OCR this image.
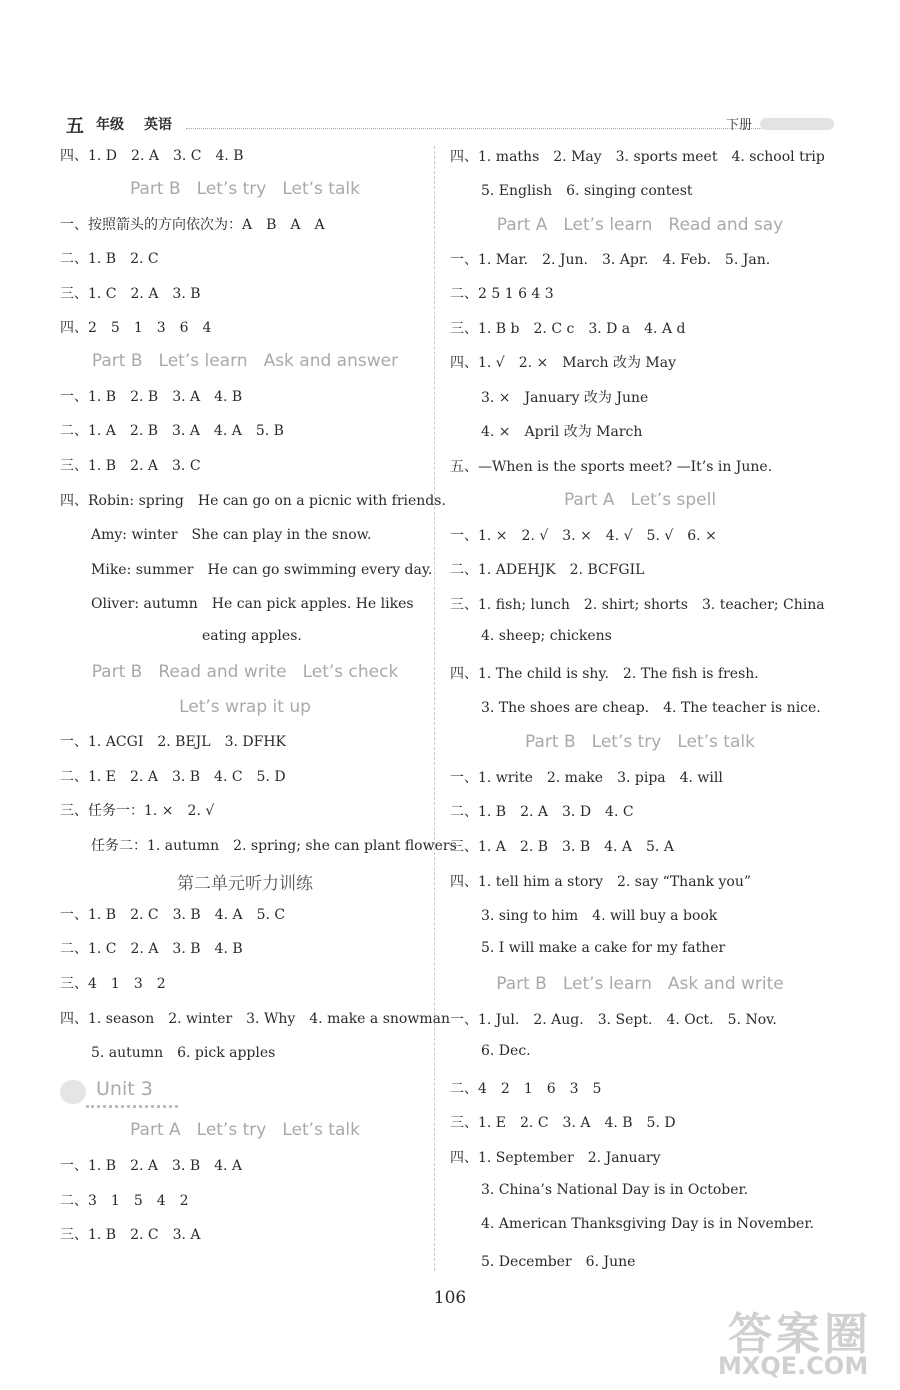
五 年级 英语	下册
四、1. D　2. A　3. C　4. B
Part B Let’s try Let’s talk
一、按照箭头的方向依次为：A　B　A　A
二、1. B　2. C
三、1. C　2. A　3. B
四、2　5　1　3　6　4
Part B Let’s learn Ask and answer
一、1. B　2. B　3. A　4. B
二、1. A　2. B　3. A　4. A　5. B
三、1. B　2. A　3. C
四、Robin: spring　He can go on a picnic with friends.
Amy: winter　She can play in the snow.
Mike: summer　He can go swimming every day.
Oliver: autumn　He can pick apples. He likes
eating apples.
Part B Read and write Let’s check
Let’s wrap it up
一、1. ACGI　2. BEJL　3. DFHK
二、1. E　2. A　3. B　4. C　5. D
三、任务一：1. ×　2. √
任务二：1. autumn　2. spring; she can plant flowers
第二单元听力训练
一、1. B　2. C　3. B　4. A　5. C
二、1. C　2. A　3. B　4. B
三、4　1　3　2
四、1. season　2. winter　3. Why　4. make a snowman
5. autumn　6. pick apples
Unit 3
Part A Let’s try Let’s talk
一、1. B　2. A　3. B　4. A
二、3　1　5　4　2
三、1. B　2. C　3. A
四、1. maths　2. May　3. sports meet　4. school trip
5. English　6. singing contest
Part A Let’s learn Read and say
一、1. Mar.　2. Jun.　3. Apr.　4. Feb.　5. Jan.
二、2 5 1 6 4 3
三、1. B b　2. C c　3. D a　4. A d
四、1. √　2. ×　March 改为 May
3. ×　January 改为 June
4. ×　April 改为 March
五、—When is the sports meet? —It’s in June.
Part A Let’s spell
一、1. ×　2. √　3. ×　4. √　5. √　6. ×
二、1. ADEHJK　2. BCFGIL
三、1. fish; lunch　2. shirt; shorts　3. teacher; China
4. sheep; chickens
四、1. The child is shy.　2. The fish is fresh.
3. The shoes are cheap.　4. The teacher is nice.
Part B Let’s try Let’s talk
一、1. write　2. make　3. pipa　4. will
二、1. B　2. A　3. D　4. C
三、1. A　2. B　3. B　4. A　5. A
四、1. tell him a story　2. say “Thank you”
3. sing to him　4. will buy a book
5. I will make a cake for my father
Part B Let’s learn Ask and write
一、1. Jul.　2. Aug.　3. Sept.　4. Oct.　5. Nov.
6. Dec.
二、4　2　1　6　3　5
三、1. E　2. C　3. A　4. B　5. D
四、1. September　2. January
3. China’s National Day is in October.
4. American Thanksgiving Day is in November.
5. December　6. June
106
答案圈
MXQE.COM
